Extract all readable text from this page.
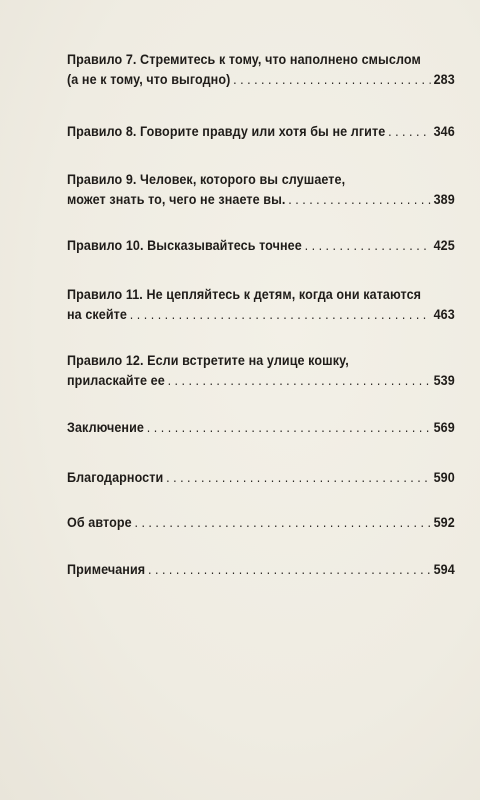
Правило 7. Стремитесь к тому, что наполнено смыслом
(а не к тому, что выгодно) . . .	283
Правило 8. Говорите правду или хотя бы не лгите . . .	346
Правило 9. Человек, которого вы слушаете,
может знать то, чего не знаете вы. . . .	389
Правило 10. Высказывайтесь точнее . . .	425
Правило 11. Не цепляйтесь к детям, когда они катаются
на скейте . . .	463
Правило 12. Если встретите на улице кошку,
приласкайте ее . . .	539
Заключение . . .	569
Благодарности . . .	590
Об авторе . . .	592
Примечания . . .	594
